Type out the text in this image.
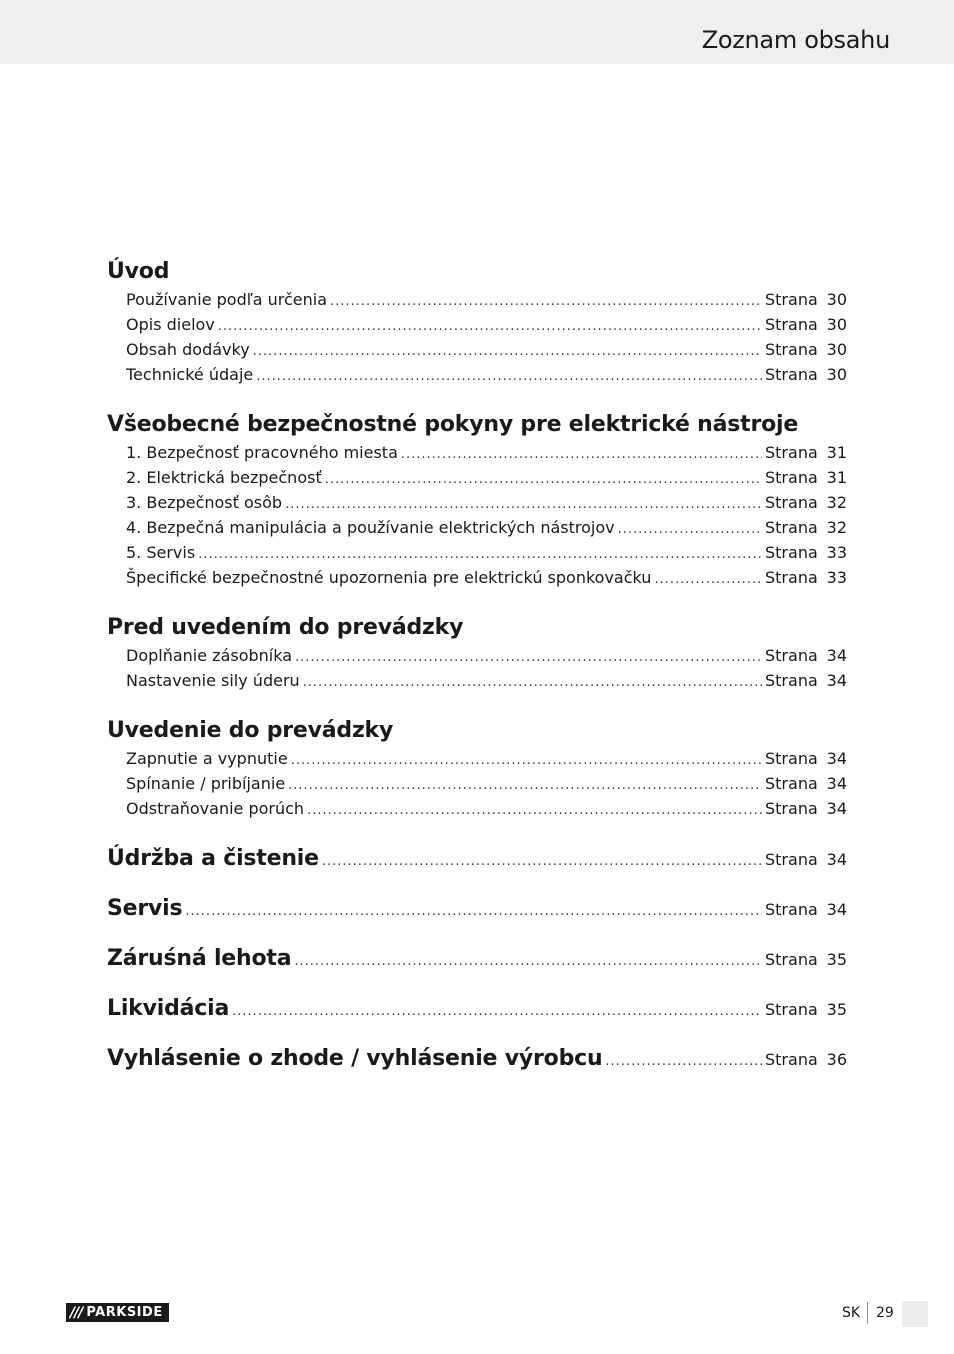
Zoznam obsahu
Úvod
Používanie podľa určenia .....	Strana 30
Opis dielov .....	Strana 30
Obsah dodávky .....	Strana 30
Technické údaje .....	Strana 30
Všeobecné bezpečnostné pokyny pre elektrické nástroje
1. Bezpečnosť pracovného miesta .....	Strana 31
2. Elektrická bezpečnosť .....	Strana 31
3. Bezpečnosť osôb .....	Strana 32
4. Bezpečná manipulácia a používanie elektrických nástrojov .....	Strana 32
5. Servis .....	Strana 33
Špecifické bezpečnostné upozornenia pre elektrickú sponkovačku .....	Strana 33
Pred uvedením do prevádzky
Doplňanie zásobníka .....	Strana 34
Nastavenie sily úderu .....	Strana 34
Uvedenie do prevádzky
Zapnutie a vypnutie .....	Strana 34
Spínanie / pribíjanie .....	Strana 34
Odstraňovanie porúch .....	Strana 34
Údržba a čistenie .....	Strana 34
Servis .....	Strana 34
Záruśná lehota .....	Strana 35
Likvidácia .....	Strana 35
Vyhlásenie o zhode / vyhlásenie výrobcu .....	Strana 36
/// PARKSIDE	SK 29
